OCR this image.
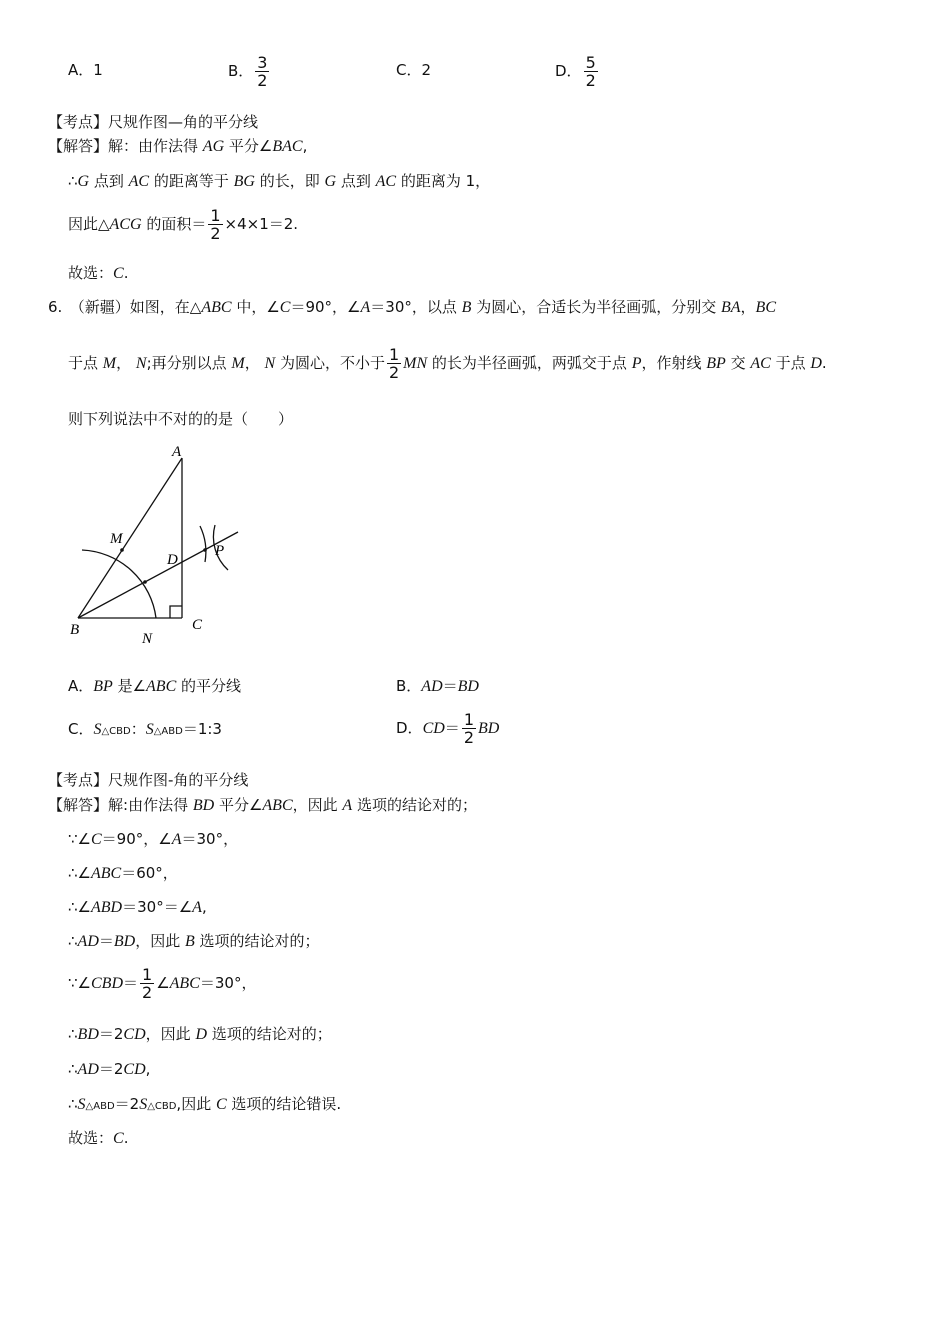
A．1	B． $\frac{3}{2}$	C．2	D． $\frac{5}{2}$
【考点】尺规作图—角的平分线
【解答】解：由作法得 AG 平分∠BAC,
∴G 点到 AC 的距离等于 BG 的长，即 G 点到 AC 的距离为 1，
因此△ACG 的面积＝ $\frac{1}{2} \times 4\times 1=2$.
故选：C.
6.　（新疆）如图，在△ABC 中，∠C＝90°，∠A＝30°，以点 B 为圆心，合适长为半径画弧，分别交 BA，BC
于点 M， N;再分别以点 M， N 为圆心，不小于 $\frac{1}{2}$ MN 的长为半径画弧，两弧交于点 P，作射线 BP 交 AC 于点 D.
则下列说法中不对的的是（　　）
A
M
D
P
B
N
C
A．BP 是∠ABC 的平分线	B．AD＝BD
C．S△CBD：S△ABD＝1:3	D．$CD= \frac{1}{2}$ BD
【考点】尺规作图-角的平分线
【解答】解:由作法得 BD 平分∠ABC，因此 A 选项的结论对的；
∵∠C＝90°，∠A＝30°，
∴∠ABC＝60°，
∴∠ABD＝30°＝∠A,
∴AD＝BD，因此 B 选项的结论对的；
∵∠CBD＝ $\frac{1}{2}$ ∠ABC＝30°，
∴BD＝2CD，因此 D 选项的结论对的；
∴AD＝2CD,
∴S△ABD＝2S△CBD,因此 C 选项的结论错误.
故选：C.
